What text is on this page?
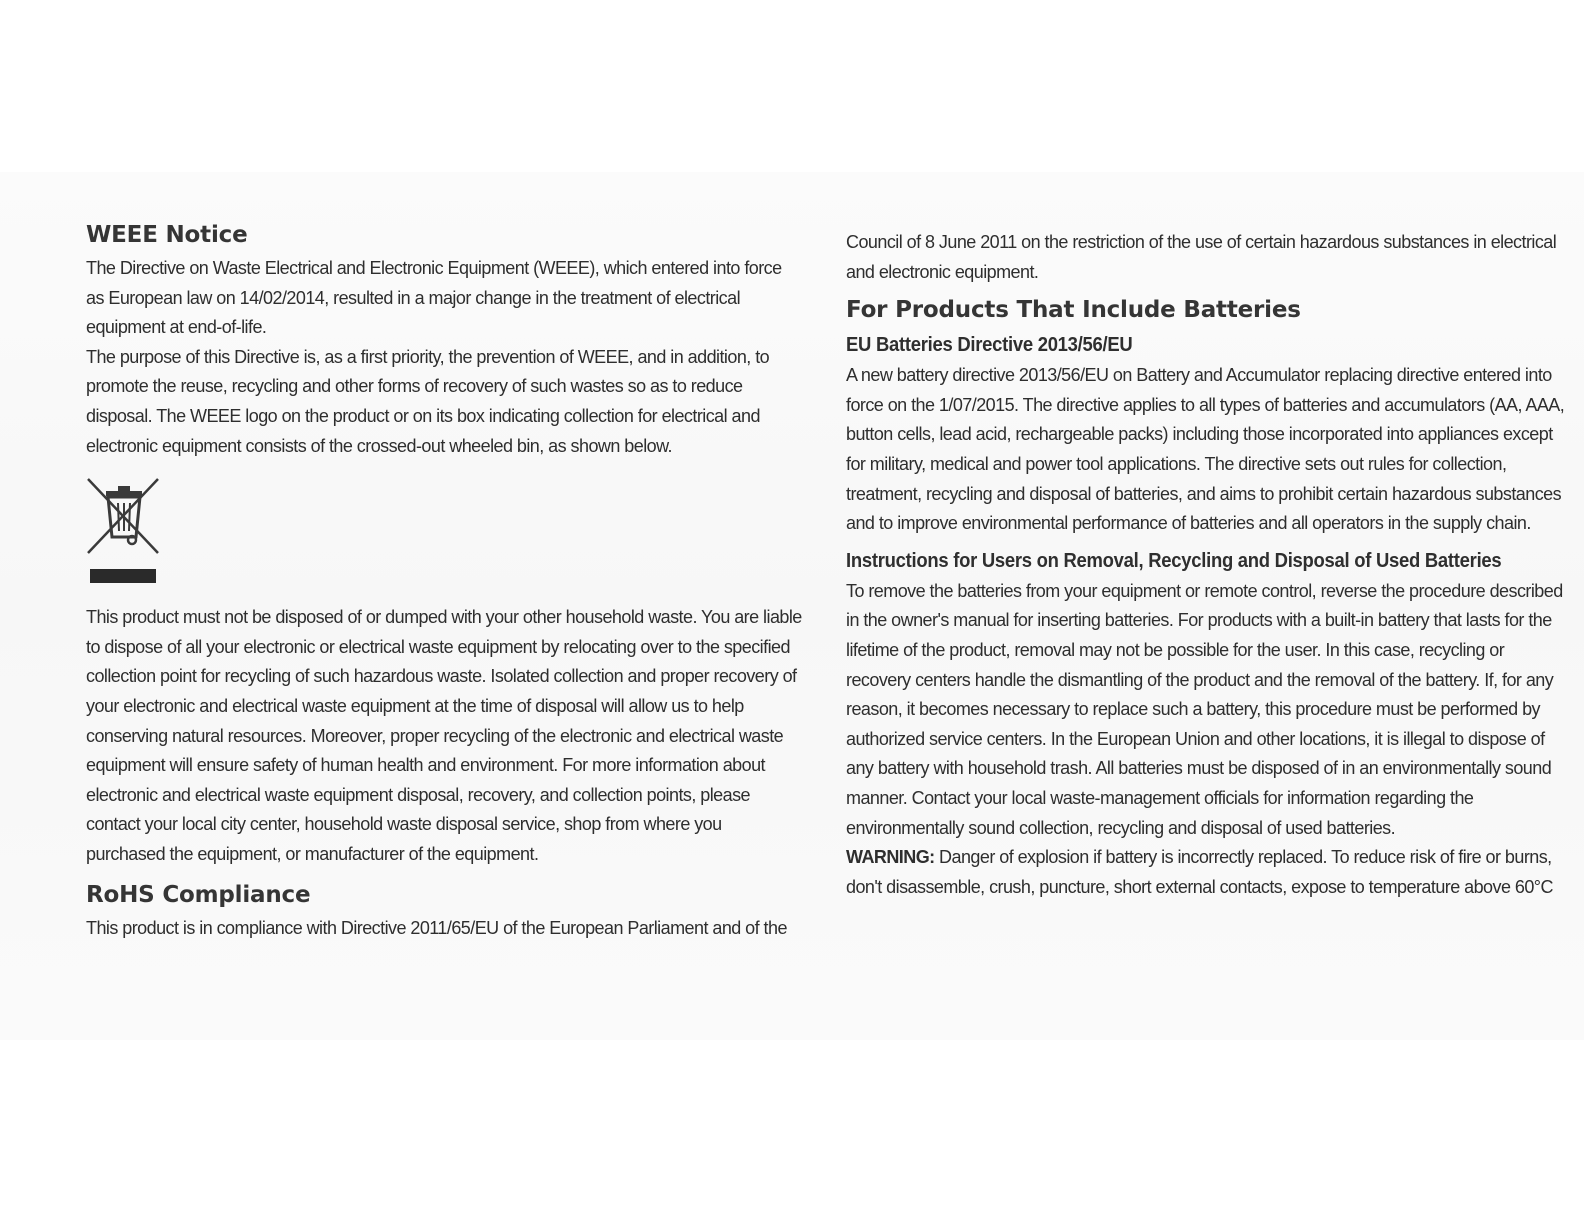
WEEE Notice

The Directive on Waste Electrical and Electronic Equipment (WEEE), which entered into force as European law on 14/02/2014, resulted in a major change in the treatment of electrical equipment at end-of-life.

The purpose of this Directive is, as a first priority, the prevention of WEEE, and in addition, to promote the reuse, recycling and other forms of recovery of such wastes so as to reduce disposal. The WEEE logo on the product or on its box indicating collection for electrical and electronic equipment consists of the crossed-out wheeled bin, as shown below.

This product must not be disposed of or dumped with your other household waste. You are liable to dispose of all your electronic or electrical waste equipment by relocating over to the specified collection point for recycling of such hazardous waste. Isolated collection and proper recovery of your electronic and electrical waste equipment at the time of disposal will allow us to help conserving natural resources. Moreover, proper recycling of the electronic and electrical waste equipment will ensure safety of human health and environment. For more information about electronic and electrical waste equipment disposal, recovery, and collection points, please contact your local city center, household waste disposal service, shop from where you purchased the equipment, or manufacturer of the equipment.

RoHS Compliance

This product is in compliance with Directive 2011/65/EU of the European Parliament and of the

Council of 8 June 2011 on the restriction of the use of certain hazardous substances in electrical and electronic equipment.

For Products That Include Batteries
EU Batteries Directive 2013/56/EU

A new battery directive 2013/56/EU on Battery and Accumulator replacing directive entered into force on the 1/07/2015. The directive applies to all types of batteries and accumulators (AA, AAA, button cells, lead acid, rechargeable packs) including those incorporated into appliances except for military, medical and power tool applications. The directive sets out rules for collection, treatment, recycling and disposal of batteries, and aims to prohibit certain hazardous substances and to improve environmental performance of batteries and all operators in the supply chain.

Instructions for Users on Removal, Recycling and Disposal of Used Batteries

To remove the batteries from your equipment or remote control, reverse the procedure described in the owner's manual for inserting batteries. For products with a built-in battery that lasts for the lifetime of the product, removal may not be possible for the user. In this case, recycling or recovery centers handle the dismantling of the product and the removal of the battery. If, for any reason, it becomes necessary to replace such a battery, this procedure must be performed by authorized service centers. In the European Union and other locations, it is illegal to dispose of any battery with household trash. All batteries must be disposed of in an environmentally sound manner. Contact your local waste-management officials for information regarding the environmentally sound collection, recycling and disposal of used batteries.

WARNING: Danger of explosion if battery is incorrectly replaced. To reduce risk of fire or burns, don't disassemble, crush, puncture, short external contacts, expose to temperature above 60°C
